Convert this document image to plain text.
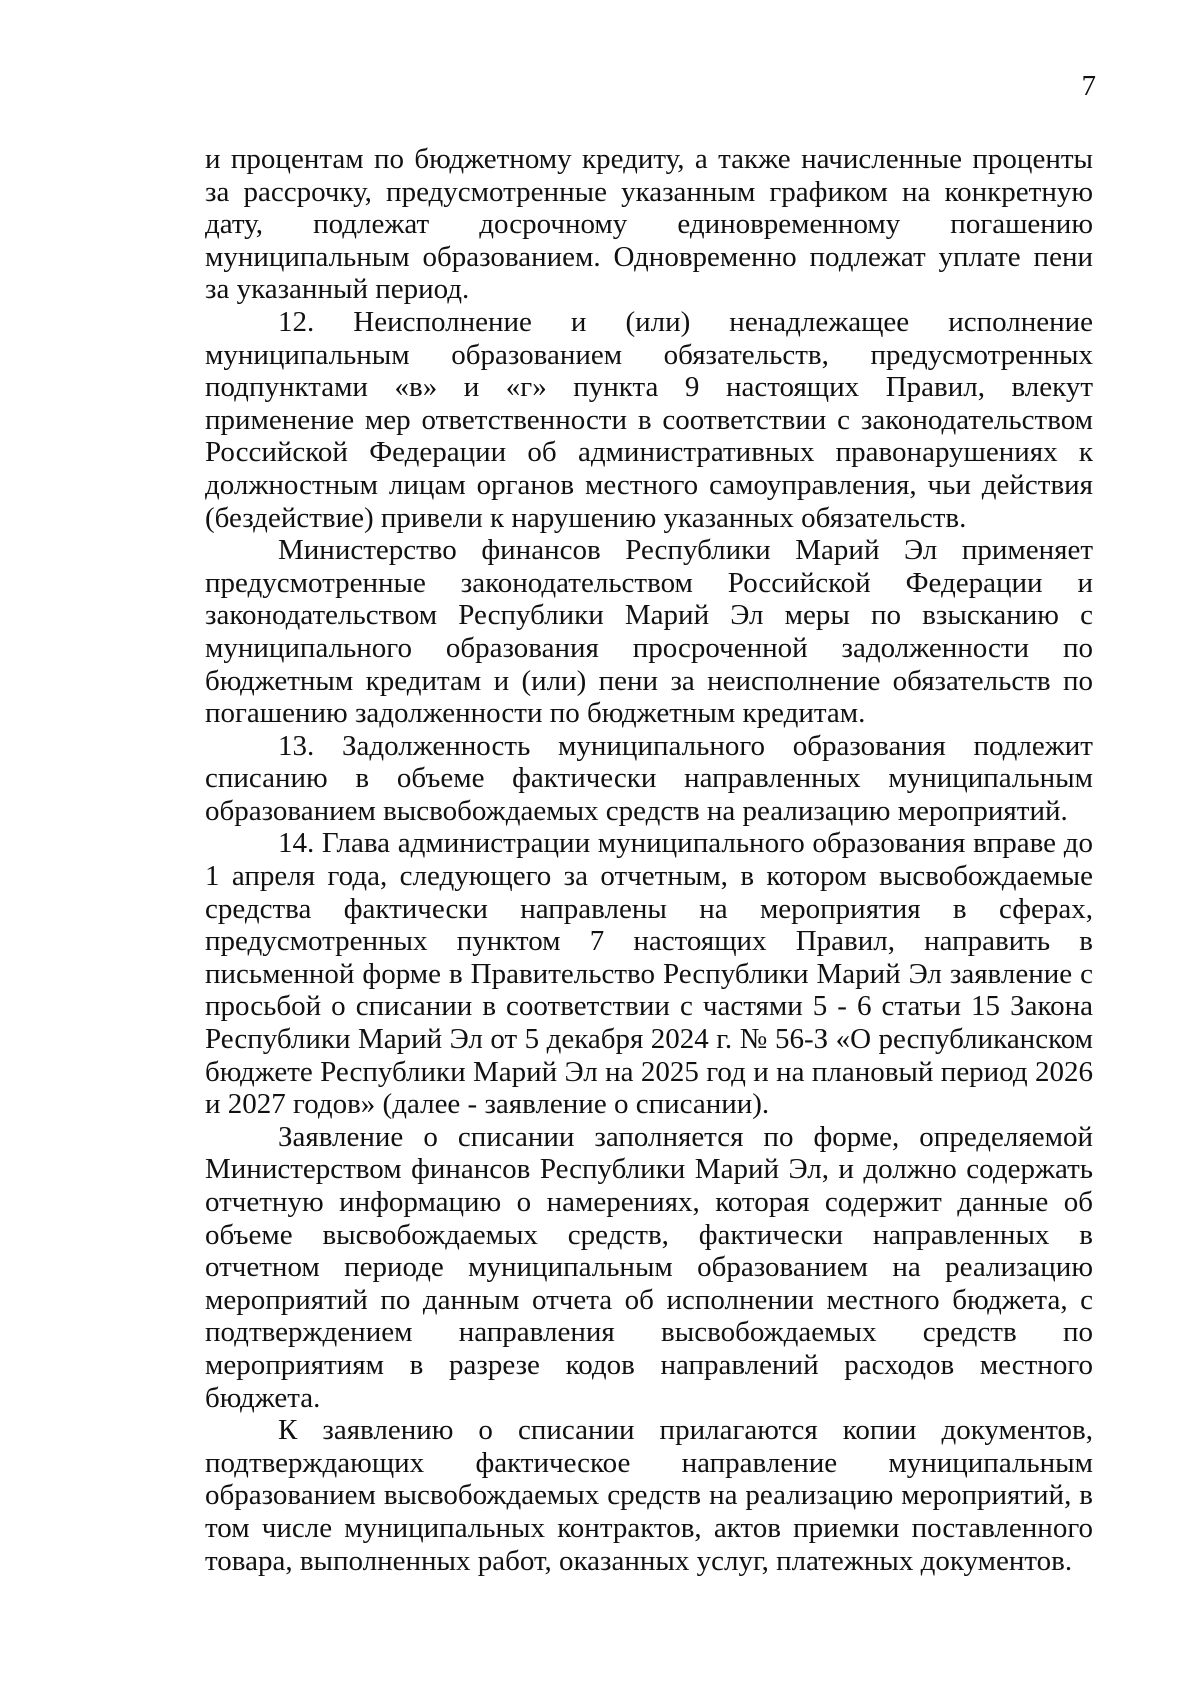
7

и процентам по бюджетному кредиту, а также начисленные проценты за рассрочку, предусмотренные указанным графиком на конкретную дату, подлежат досрочному единовременному погашению муниципальным образованием. Одновременно подлежат уплате пени за указанный период.

12. Неисполнение и (или) ненадлежащее исполнение муниципальным образованием обязательств, предусмотренных подпунктами «в» и «г» пункта 9 настоящих Правил, влекут применение мер ответственности в соответствии с законодательством Российской Федерации об административных правонарушениях к должностным лицам органов местного самоуправления, чьи действия (бездействие) привели к нарушению указанных обязательств.

Министерство финансов Республики Марий Эл применяет предусмотренные законодательством Российской Федерации и законодательством Республики Марий Эл меры по взысканию с муниципального образования просроченной задолженности по бюджетным кредитам и (или) пени за неисполнение обязательств по погашению задолженности по бюджетным кредитам.

13. Задолженность муниципального образования подлежит списанию в объеме фактически направленных муниципальным образованием высвобождаемых средств на реализацию мероприятий.

14. Глава администрации муниципального образования вправе до 1 апреля года, следующего за отчетным, в котором высвобождаемые средства фактически направлены на мероприятия в сферах, предусмотренных пунктом 7 настоящих Правил, направить в письменной форме в Правительство Республики Марий Эл заявление с просьбой о списании в соответствии с частями 5 - 6 статьи 15 Закона Республики Марий Эл от 5 декабря 2024 г. № 56-З «О республиканском бюджете Республики Марий Эл на 2025 год и на плановый период 2026 и 2027 годов» (далее - заявление о списании).

Заявление о списании заполняется по форме, определяемой Министерством финансов Республики Марий Эл, и должно содержать отчетную информацию о намерениях, которая содержит данные об объеме высвобождаемых средств, фактически направленных в отчетном периоде муниципальным образованием на реализацию мероприятий по данным отчета об исполнении местного бюджета, с подтверждением направления высвобождаемых средств по мероприятиям в разрезе кодов направлений расходов местного бюджета.

К заявлению о списании прилагаются копии документов, подтверждающих фактическое направление муниципальным образованием высвобождаемых средств на реализацию мероприятий, в том числе муниципальных контрактов, актов приемки поставленного товара, выполненных работ, оказанных услуг, платежных документов.
